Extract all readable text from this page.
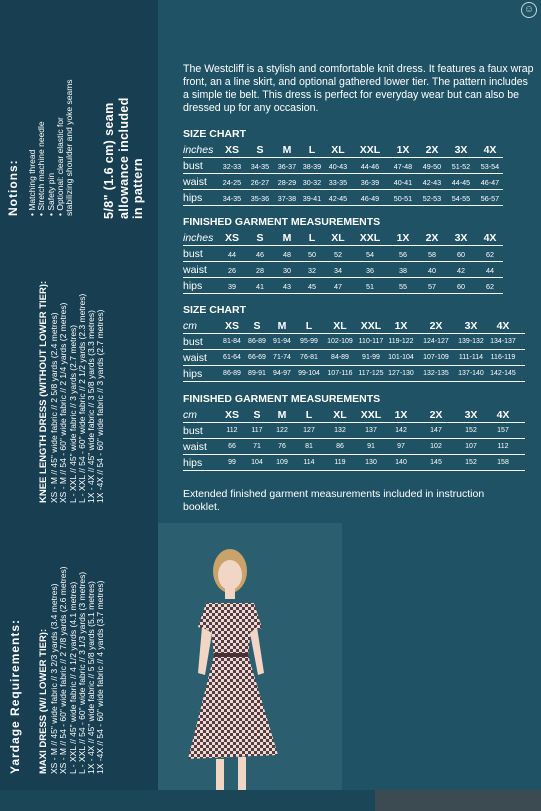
Notions: • Matching thread • Stretch machine needle • Safety pin • Optional: clear elastic for stabilizing shoulder and yoke seams 5/8" (1.6 cm) seam allowance included in pattern
KNEE LENGTH DRESS (WITHOUT LOWER TIER): XS - M // 45" wide fabric // 2 5/8 yards (2.4 metres) XS - M // 54 - 60" wide fabric // 2 1/4 yards (2 metres) L - XXL // 45" wide fabric // 3 yards (2.7 metres) L - XXL // 54 - 60" wide fabric // 2 1/2 yards (2.3 metres) 1X - 4X // 45" wide fabric // 3 5/8 yards (3.3 metres) 1X -4X // 54 - 60" wide fabric // 3 yards (2.7 metres)
Yardage Requirements: MAXI DRESS (W/ LOWER TIER): XS - M // 45" wide fabric // 3 2/3 yards (3.4 metres) XS - M // 54 - 60" wide fabric // 2 7/8 yards (2.6 metres) L - XXL // 45" wide fabric // 4 1/2 yards (4.1 metres) L - XXL // 54 - 60" wide fabric // 3 1/3 yards (3 metres) 1X - 4X // 45" wide fabric // 5 5/8 yards (5.1 metres) 1X -4X // 54 - 60" wide fabric // 4 yards (3.7 metres)
☺
The Westcliff is a stylish and comfortable knit dress. It features a faux wrap front, an a line skirt, and optional gathered lower tier. The pattern includes a simple tie belt. This dress is perfect for everyday wear but can also be dressed up for any occasion.
SIZE CHART
inches	XS	S	M	L	XL	XXL	1X	2X	3X	4X
bust	32-33	34-35	36-37 38-39	40-43	44-46	47-48	49-50	51-52	53-54
waist	24-25	26-27	28-29 30-32	33-35	36-39	40-41	42-43	44-45	46-47
hips	34-35	35-36	37-38 39-41	42-45	46-49	50-51	52-53	54-55	56-57
FINISHED GARMENT MEASUREMENTS
inches	XS	S	M	L	XL	XXL	1X	2X	3X	4X
bust	44	46	48	50	52	54	56	58	60	62
waist	26	28	30	32	34	36	38	40	42	44
hips	39	41	43	45	47	51	55	57	60	62
SIZE CHART
cm	XS	S	M	L	XL	XXL	1X	2X	3X	4X
bust	81-84	86-89	91-94	95-99	102-109 110-117 119-122	124-127	139-132 134-137
waist	61-64	66-69	71-74	76-81	84-89	91-99	101-104	107-109	111-114	116-119
hips	86-89	89-91	94-97	99-104	107-116 117-125 127-130	132-135	137-140 142-145
FINISHED GARMENT MEASUREMENTS
cm	XS	S	M	L	XL	XXL	1X	2X	3X	4X
bust	112	117	122	127	132	137	142	147	152	157
waist	66	71	76	81	86	91	97	102	107	112
hips	99	104	109	114	119	130	140	145	152	158
Extended finished garment measurements included in instruction booklet.
